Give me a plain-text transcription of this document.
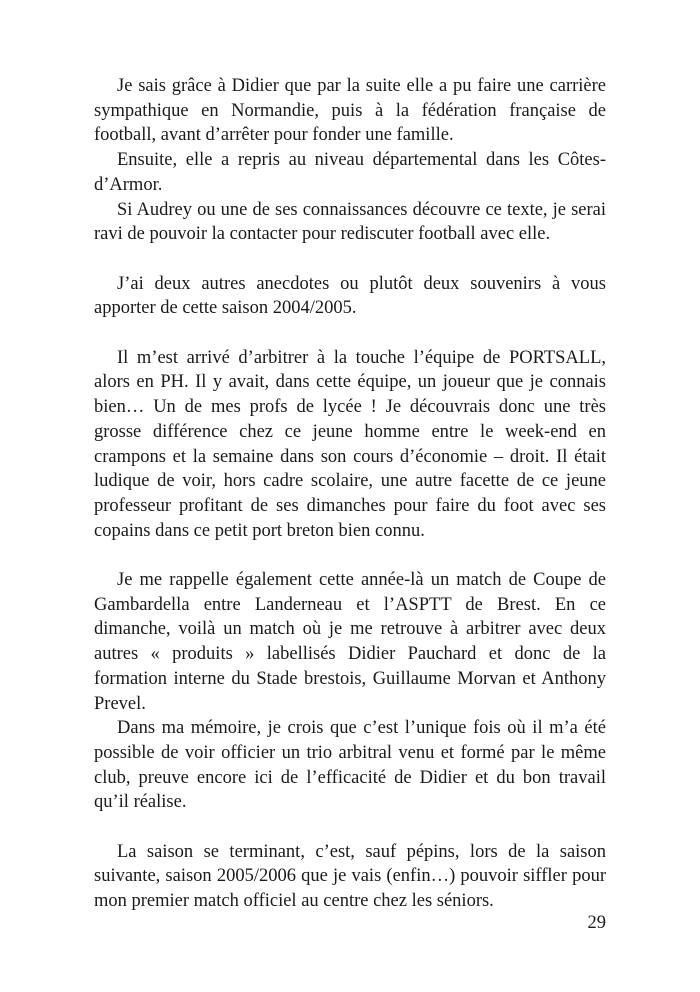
Je sais grâce à Didier que par la suite elle a pu faire une carrière sympathique en Normandie, puis à la fédération française de football, avant d’arrêter pour fonder une famille.

Ensuite, elle a repris au niveau départemental dans les Côtes-d’Armor.

Si Audrey ou une de ses connaissances découvre ce texte, je serai ravi de pouvoir la contacter pour rediscuter football avec elle.

J’ai deux autres anecdotes ou plutôt deux souvenirs à vous apporter de cette saison 2004/2005.

Il m’est arrivé d’arbitrer à la touche l’équipe de PORTSALL, alors en PH. Il y avait, dans cette équipe, un joueur que je connais bien… Un de mes profs de lycée ! Je découvrais donc une très grosse différence chez ce jeune homme entre le week-end en crampons et la semaine dans son cours d’économie – droit. Il était ludique de voir, hors cadre scolaire, une autre facette de ce jeune professeur profitant de ses dimanches pour faire du foot avec ses copains dans ce petit port breton bien connu.

Je me rappelle également cette année-là un match de Coupe de Gambardella entre Landerneau et l’ASPTT de Brest. En ce dimanche, voilà un match où je me retrouve à arbitrer avec deux autres « produits » labellisés Didier Pauchard et donc de la formation interne du Stade brestois, Guillaume Morvan et Anthony Prevel.

Dans ma mémoire, je crois que c’est l’unique fois où il m’a été possible de voir officier un trio arbitral venu et formé par le même club, preuve encore ici de l’efficacité de Didier et du bon travail qu’il réalise.

La saison se terminant, c’est, sauf pépins, lors de la saison suivante, saison 2005/2006 que je vais (enfin…) pouvoir siffler pour mon premier match officiel au centre chez les séniors.

29
